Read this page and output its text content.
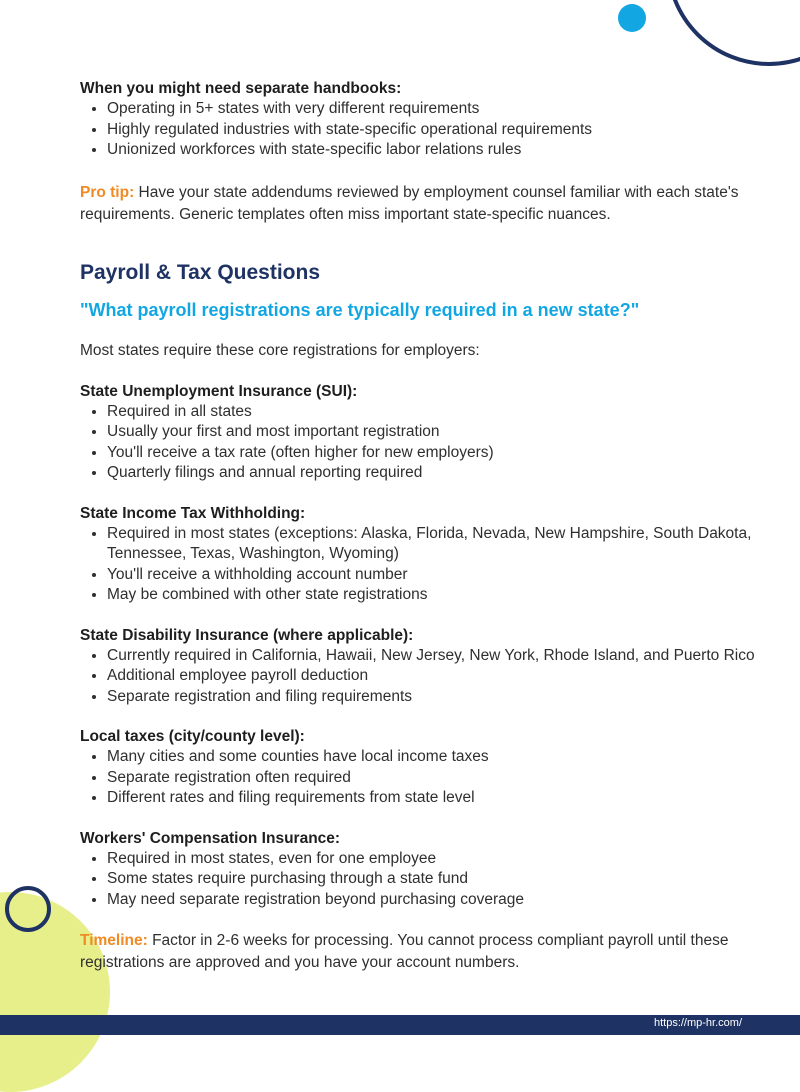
When you might need separate handbooks:

• Operating in 5+ states with very different requirements
• Highly regulated industries with state-specific operational requirements
• Unionized workforces with state-specific labor relations rules

Pro tip: Have your state addendums reviewed by employment counsel familiar with each state's requirements. Generic templates often miss important state-specific nuances.

Payroll & Tax Questions
"What payroll registrations are typically required in a new state?"

Most states require these core registrations for employers:

State Unemployment Insurance (SUI):

• Required in all states
• Usually your first and most important registration
• You'll receive a tax rate (often higher for new employers)
• Quarterly filings and annual reporting required

State Income Tax Withholding:

• Required in most states (exceptions: Alaska, Florida, Nevada, New Hampshire, South Dakota, Tennessee, Texas, Washington, Wyoming)
• You'll receive a withholding account number
• May be combined with other state registrations

State Disability Insurance (where applicable):

• Currently required in California, Hawaii, New Jersey, New York, Rhode Island, and Puerto Rico
• Additional employee payroll deduction
• Separate registration and filing requirements

Local taxes (city/county level):

• Many cities and some counties have local income taxes
• Separate registration often required
• Different rates and filing requirements from state level

Workers' Compensation Insurance:

• Required in most states, even for one employee
• Some states require purchasing through a state fund
• May need separate registration beyond purchasing coverage

Timeline: Factor in 2-6 weeks for processing. You cannot process compliant payroll until these registrations are approved and you have your account numbers.

https://mp-hr.com/
